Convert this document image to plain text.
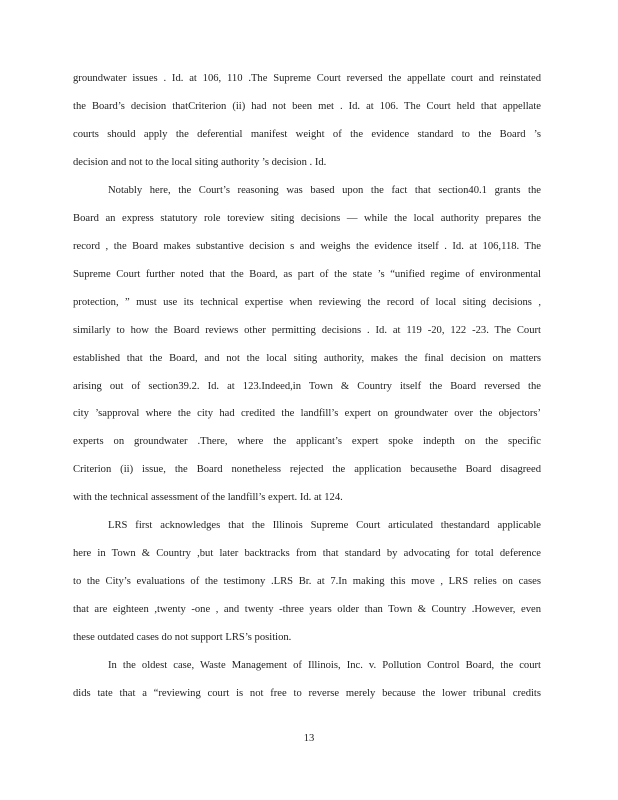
groundwater issues . Id. at 106, 110 .The Supreme Court reversed the appellate court and reinstated
the Board’s decision thatCriterion (ii) had not been met . Id. at 106. The Court held that appellate
courts should apply the deferential manifest weight of the evidence standard to the Board ’s
decision and not to the local siting authority ’s decision . Id.
Notably here, the Court’s reasoning was based upon the fact that section40.1 grants the
Board an express statutory role toreview siting decisions — while the local authority prepares the
record , the Board makes substantive decision s and weighs the evidence itself . Id. at 106,118. The
Supreme Court further noted that the Board, as part of the state ’s “unified regime of environmental
protection, ” must use its technical expertise when reviewing the record of local siting decisions ,
similarly to how the Board reviews other permitting decisions . Id. at 119 -20, 122 -23. The Court
established that the Board, and not the local siting authority, makes the final decision on matters
arising out of section39.2. Id. at 123.Indeed,in Town & Country itself the Board reversed the
city ’sapproval where the city had credited the landfill’s expert on groundwater over the objectors’
experts on groundwater .There, where the applicant’s expert spoke indepth on the specific
Criterion (ii) issue, the Board nonetheless rejected the application becausethe Board disagreed
with the technical assessment of the landfill’s expert. Id. at 124.
LRS first acknowledges that the Illinois Supreme Court articulated thestandard applicable
here in Town & Country ,but later backtracks from that standard by advocating for total deference
to the City’s evaluations of the testimony .LRS Br. at 7.In making this move , LRS relies on cases
that are eighteen ,twenty -one , and twenty -three years older than Town & Country .However, even
these outdated cases do not support LRS’s position.
In the oldest case, Waste Management of Illinois, Inc. v. Pollution Control Board, the court
dids tate that a “reviewing court is not free to reverse merely because the lower tribunal credits
13
